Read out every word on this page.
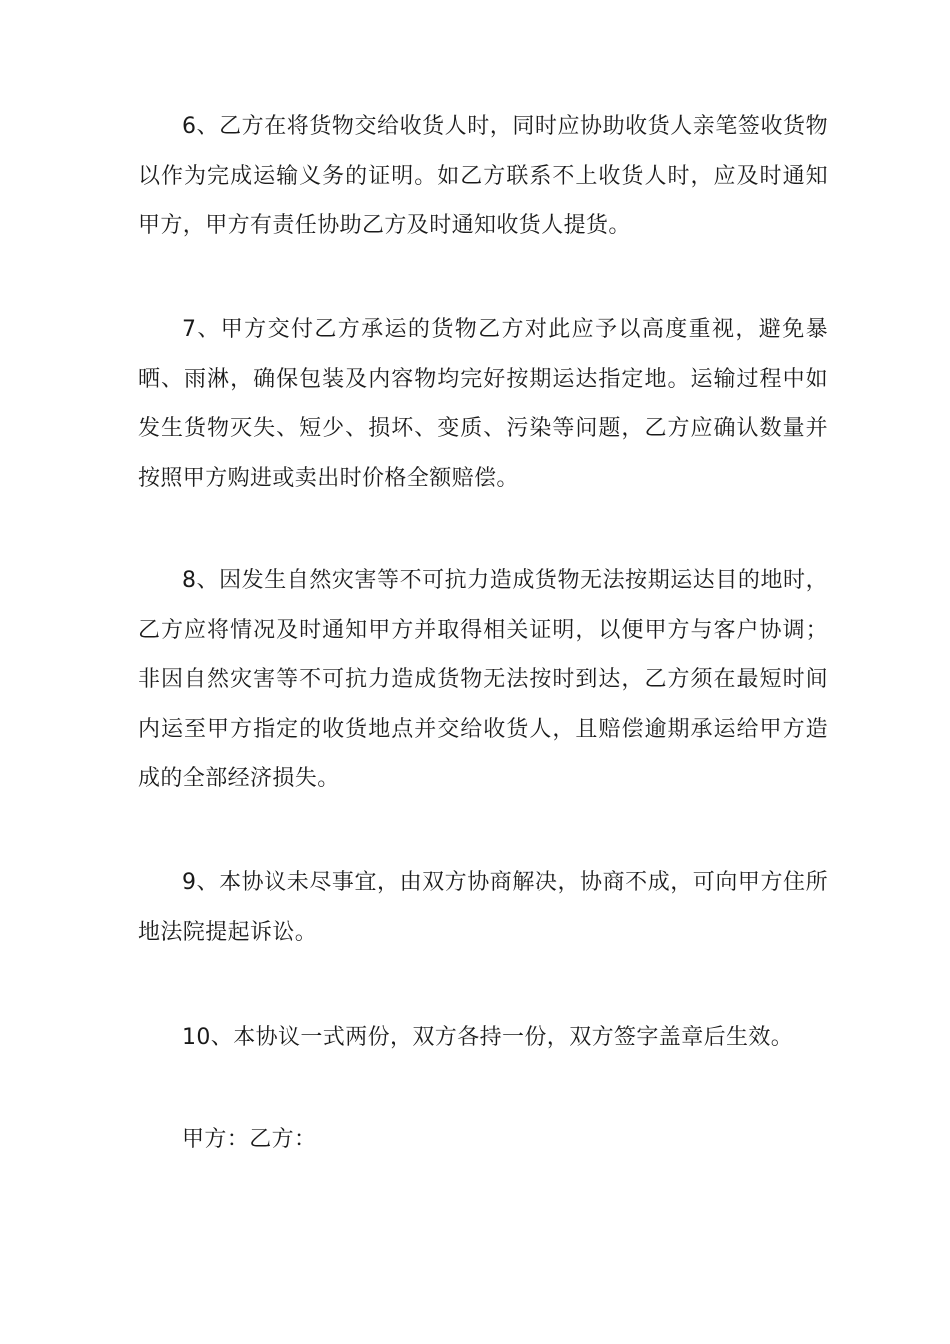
6、乙方在将货物交给收货人时，同时应协助收货人亲笔签收货物以作为完成运输义务的证明。如乙方联系不上收货人时，应及时通知甲方，甲方有责任协助乙方及时通知收货人提货。

7、甲方交付乙方承运的货物乙方对此应予以高度重视，避免暴晒、雨淋，确保包装及内容物均完好按期运达指定地。运输过程中如发生货物灭失、短少、损坏、变质、污染等问题，乙方应确认数量并按照甲方购进或卖出时价格全额赔偿。

8、因发生自然灾害等不可抗力造成货物无法按期运达目的地时，乙方应将情况及时通知甲方并取得相关证明，以便甲方与客户协调；非因自然灾害等不可抗力造成货物无法按时到达，乙方须在最短时间内运至甲方指定的收货地点并交给收货人，且赔偿逾期承运给甲方造成的全部经济损失。

9、本协议未尽事宜，由双方协商解决，协商不成，可向甲方住所地法院提起诉讼。

10、本协议一式两份，双方各持一份，双方签字盖章后生效。

甲方：乙方：
